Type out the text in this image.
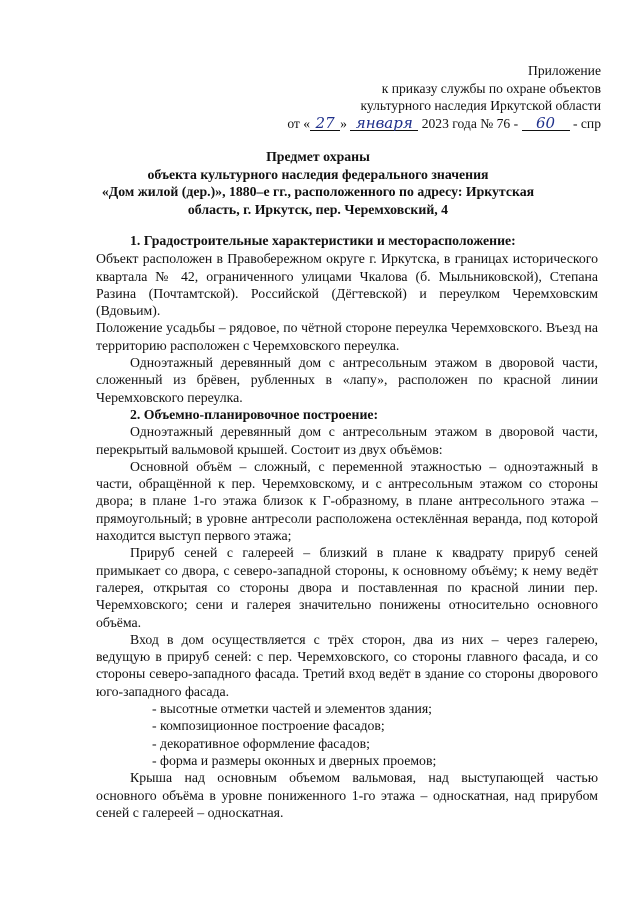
Приложение
к приказу службы по охране объектов
культурного наследия Иркутской области
от « 27 » января 2023 года № 76 - 60 - спр
Предмет охраны
объекта культурного наследия федерального значения
«Дом жилой (дер.)», 1880–е гг., расположенного по адресу: Иркутская
область, г. Иркутск, пер. Черемховский, 4

1. Градостроительные характеристики и месторасположение:

Объект расположен в Правобережном округе г. Иркутска, в границах исторического квартала № 42, ограниченного улицами Чкалова (б. Мыльниковской), Степана Разина (Почтамтской). Российской (Дёгтевской) и переулком Черемховским (Вдовьим).

Положение усадьбы – рядовое, по чётной стороне переулка Черемховского. Въезд на территорию расположен с Черемховского переулка.

Одноэтажный деревянный дом с антресольным этажом в дворовой части, сложенный из брёвен, рубленных в «лапу», расположен по красной линии Черемховского переулка.

2. Объемно-планировочное построение:

Одноэтажный деревянный дом с антресольным этажом в дворовой части, перекрытый вальмовой крышей. Состоит из двух объёмов:

Основной объём – сложный, с переменной этажностью – одноэтажный в части, обращённой к пер. Черемховскому, и с антресольным этажом со стороны двора; в плане 1-го этажа близок к Г-образному, в плане антресольного этажа – прямоугольный; в уровне антресоли расположена остеклённая веранда, под которой находится выступ первого этажа;

Прируб сеней с галереей – близкий в плане к квадрату прируб сеней примыкает со двора, с северо-западной стороны, к основному объёму; к нему ведёт галерея, открытая со стороны двора и поставленная по красной линии пер. Черемховского; сени и галерея значительно понижены относительно основного объёма.

Вход в дом осуществляется с трёх сторон, два из них – через галерею, ведущую в прируб сеней: с пер. Черемховского, со стороны главного фасада, и со стороны северо-западного фасада. Третий вход ведёт в здание со стороны дворового юго-западного фасада.

- высотные отметки частей и элементов здания;

- композиционное построение фасадов;

- декоративное оформление фасадов;

- форма и размеры оконных и дверных проемов;

Крыша над основным объемом вальмовая, над выступающей частью основного объёма в уровне пониженного 1-го этажа – односкатная, над прирубом сеней с галереей – односкатная.
